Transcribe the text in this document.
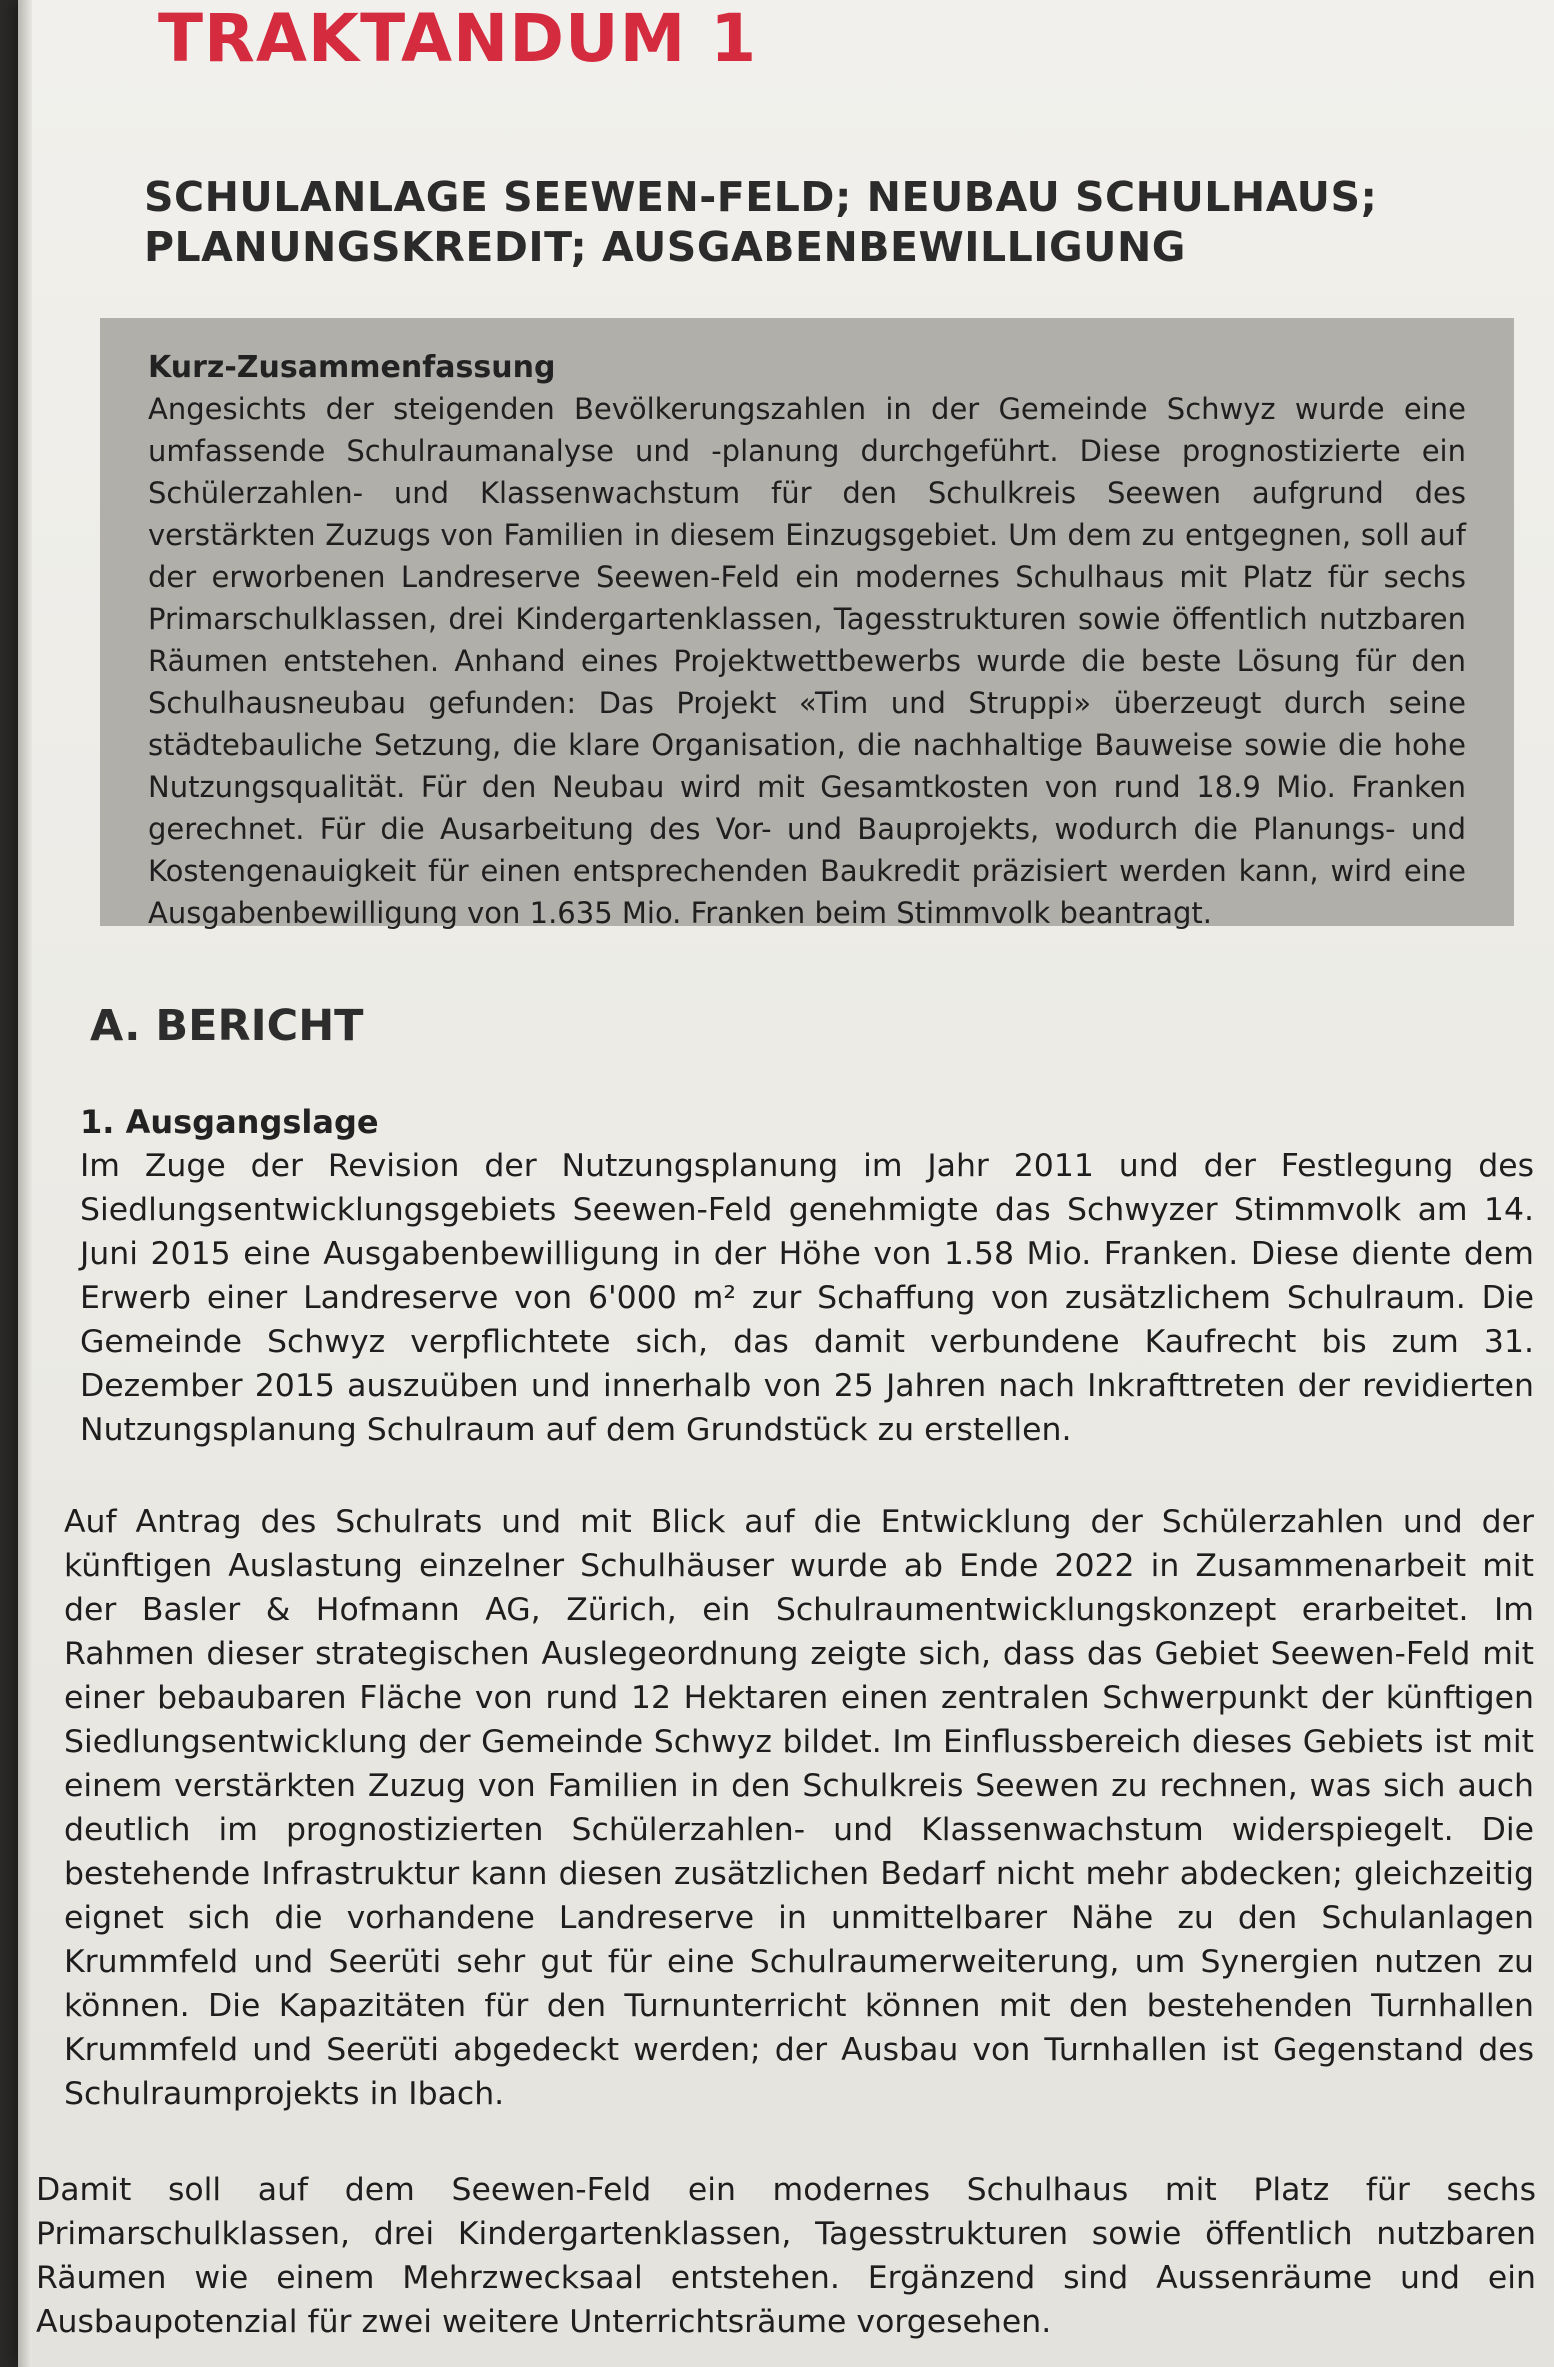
TRAKTANDUM 1
SCHULANLAGE SEEWEN-FELD; NEUBAU SCHULHAUS;
PLANUNGSKREDIT; AUSGABENBEWILLIGUNG

Kurz-Zusammenfassung

Angesichts der steigenden Bevölkerungszahlen in der Gemeinde Schwyz wurde eine umfassende Schulraumanalyse und -planung durchgeführt. Diese prognostizierte ein Schülerzahlen- und Klassenwachstum für den Schulkreis Seewen aufgrund des verstärkten Zuzugs von Familien in diesem Einzugsgebiet. Um dem zu entgegnen, soll auf der erworbenen Landreserve Seewen-Feld ein modernes Schulhaus mit Platz für sechs Primarschulklassen, drei Kindergartenklassen, Tagesstrukturen sowie öffentlich nutzbaren Räumen entstehen. Anhand eines Projektwettbewerbs wurde die beste Lösung für den Schulhausneubau gefunden: Das Projekt «Tim und Struppi» überzeugt durch seine städtebauliche Setzung, die klare Organisation, die nachhaltige Bauweise sowie die hohe Nutzungsqualität. Für den Neubau wird mit Gesamtkosten von rund 18.9 Mio. Franken gerechnet. Für die Ausarbeitung des Vor- und Bauprojekts, wodurch die Planungs- und Kostengenauigkeit für einen entsprechenden Baukredit präzisiert werden kann, wird eine Ausgabenbewilligung von 1.635 Mio. Franken beim Stimmvolk beantragt.

A. BERICHT
1. Ausgangslage

Im Zuge der Revision der Nutzungsplanung im Jahr 2011 und der Festlegung des Siedlungsentwicklungsgebiets Seewen-Feld genehmigte das Schwyzer Stimmvolk am 14. Juni 2015 eine Ausgabenbewilligung in der Höhe von 1.58 Mio. Franken. Diese diente dem Erwerb einer Landreserve von 6'000 m² zur Schaffung von zusätzlichem Schulraum. Die Gemeinde Schwyz verpflichtete sich, das damit verbundene Kaufrecht bis zum 31. Dezember 2015 auszuüben und innerhalb von 25 Jahren nach Inkrafttreten der revidierten Nutzungsplanung Schulraum auf dem Grundstück zu erstellen.

Auf Antrag des Schulrats und mit Blick auf die Entwicklung der Schülerzahlen und der künftigen Auslastung einzelner Schulhäuser wurde ab Ende 2022 in Zusammenarbeit mit der Basler & Hofmann AG, Zürich, ein Schulraumentwicklungskonzept erarbeitet. Im Rahmen dieser strategischen Auslegeordnung zeigte sich, dass das Gebiet Seewen-Feld mit einer bebaubaren Fläche von rund 12 Hektaren einen zentralen Schwerpunkt der künftigen Siedlungsentwicklung der Gemeinde Schwyz bildet. Im Einflussbereich dieses Gebiets ist mit einem verstärkten Zuzug von Familien in den Schulkreis Seewen zu rechnen, was sich auch deutlich im prognostizierten Schülerzahlen- und Klassenwachstum widerspiegelt. Die bestehende Infrastruktur kann diesen zusätzlichen Bedarf nicht mehr abdecken; gleichzeitig eignet sich die vorhandene Landreserve in unmittelbarer Nähe zu den Schulanlagen Krummfeld und Seerüti sehr gut für eine Schulraumerweiterung, um Synergien nutzen zu können. Die Kapazitäten für den Turnunterricht können mit den bestehenden Turnhallen Krummfeld und Seerüti abgedeckt werden; der Ausbau von Turnhallen ist Gegenstand des Schulraumprojekts in Ibach.

Damit soll auf dem Seewen-Feld ein modernes Schulhaus mit Platz für sechs Primarschulklassen, drei Kindergartenklassen, Tagesstrukturen sowie öffentlich nutzbaren Räumen wie einem Mehrzwecksaal entstehen. Ergänzend sind Aussenräume und ein Ausbaupotenzial für zwei weitere Unterrichtsräume vorgesehen.
